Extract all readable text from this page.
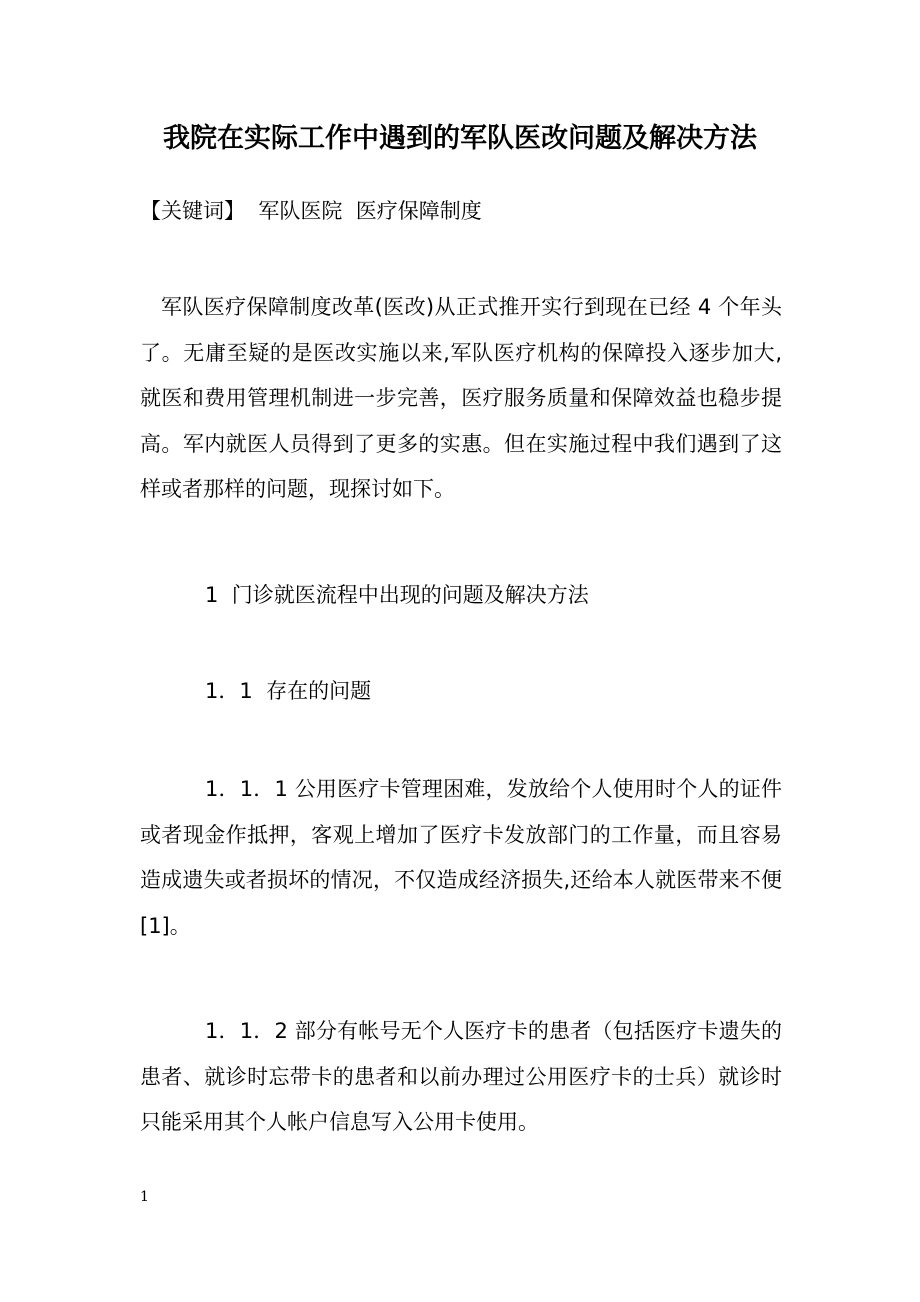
我院在实际工作中遇到的军队医改问题及解决方法
【关键词】  军队医院  医疗保障制度

军队医疗保障制度改革(医改)从正式推开实行到现在已经 4 个年头了。无庸至疑的是医改实施以来,军队医疗机构的保障投入逐步加大,就医和费用管理机制进一步完善，医疗服务质量和保障效益也稳步提高。军内就医人员得到了更多的实惠。但在实施过程中我们遇到了这样或者那样的问题，现探讨如下。

1  门诊就医流程中出现的问题及解决方法
1．1  存在的问题

1．1．1 公用医疗卡管理困难，发放给个人使用时个人的证件或者现金作抵押，客观上增加了医疗卡发放部门的工作量，而且容易造成遗失或者损坏的情况，不仅造成经济损失,还给本人就医带来不便 [1]。

1．1．2 部分有帐号无个人医疗卡的患者（包括医疗卡遗失的患者、就诊时忘带卡的患者和以前办理过公用医疗卡的士兵）就诊时只能采用其个人帐户信息写入公用卡使用。

1
